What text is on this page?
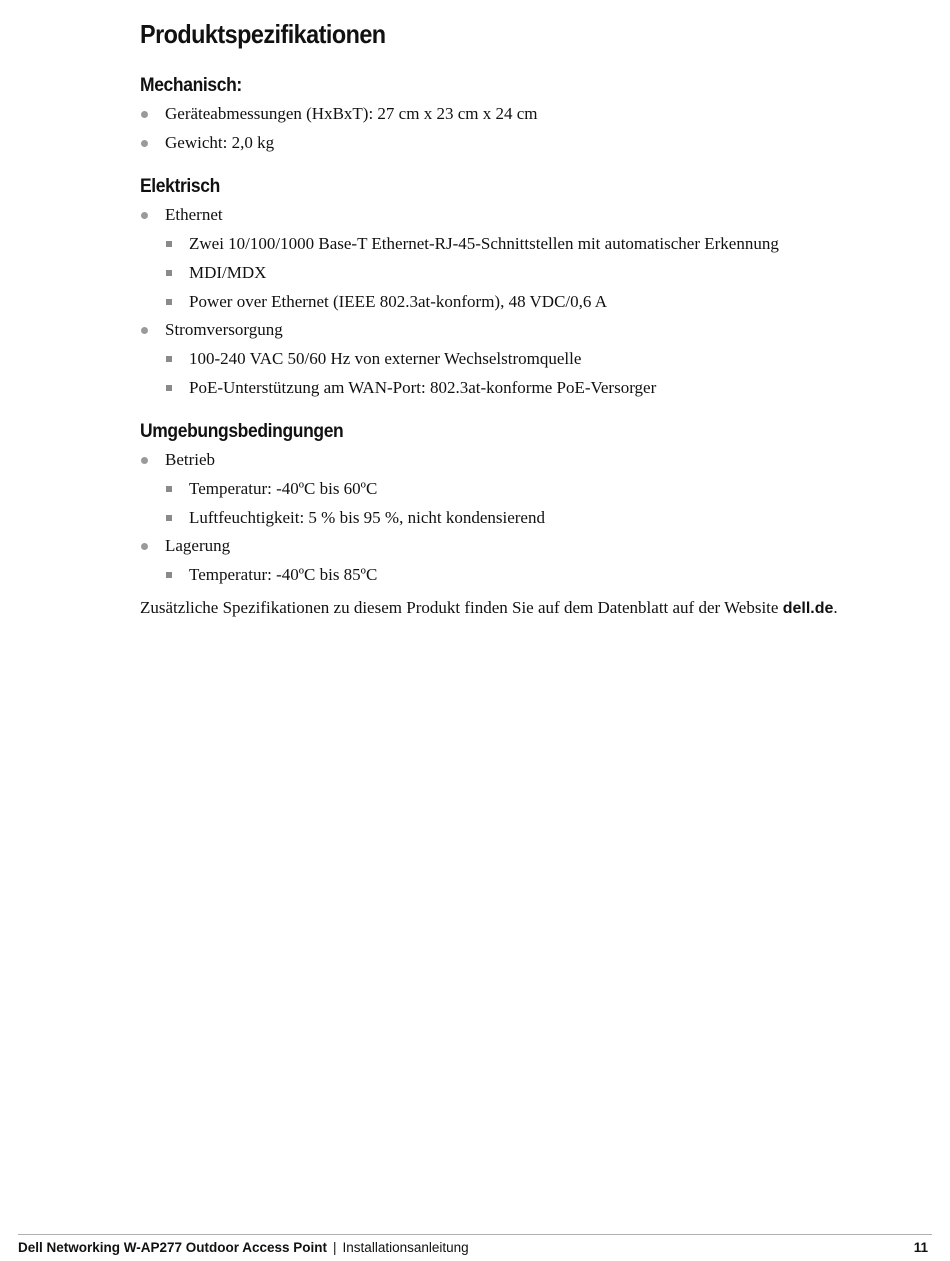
Produktspezifikationen
Mechanisch:
Geräteabmessungen (HxBxT): 27 cm x 23 cm x 24 cm
Gewicht: 2,0 kg
Elektrisch
Ethernet
Zwei 10/100/1000 Base-T Ethernet-RJ-45-Schnittstellen mit automatischer Erkennung
MDI/MDX
Power over Ethernet (IEEE 802.3at-konform), 48 VDC/0,6 A
Stromversorgung
100-240 VAC 50/60 Hz von externer Wechselstromquelle
PoE-Unterstützung am WAN-Port: 802.3at-konforme PoE-Versorger
Umgebungsbedingungen
Betrieb
Temperatur: -40ºC bis 60ºC
Luftfeuchtigkeit: 5 % bis 95 %, nicht kondensierend
Lagerung
Temperatur: -40ºC bis 85ºC

Zusätzliche Spezifikationen zu diesem Produkt finden Sie auf dem Datenblatt auf der Website dell.de.

Dell Networking W-AP277 Outdoor Access Point | Installationsanleitung	11
